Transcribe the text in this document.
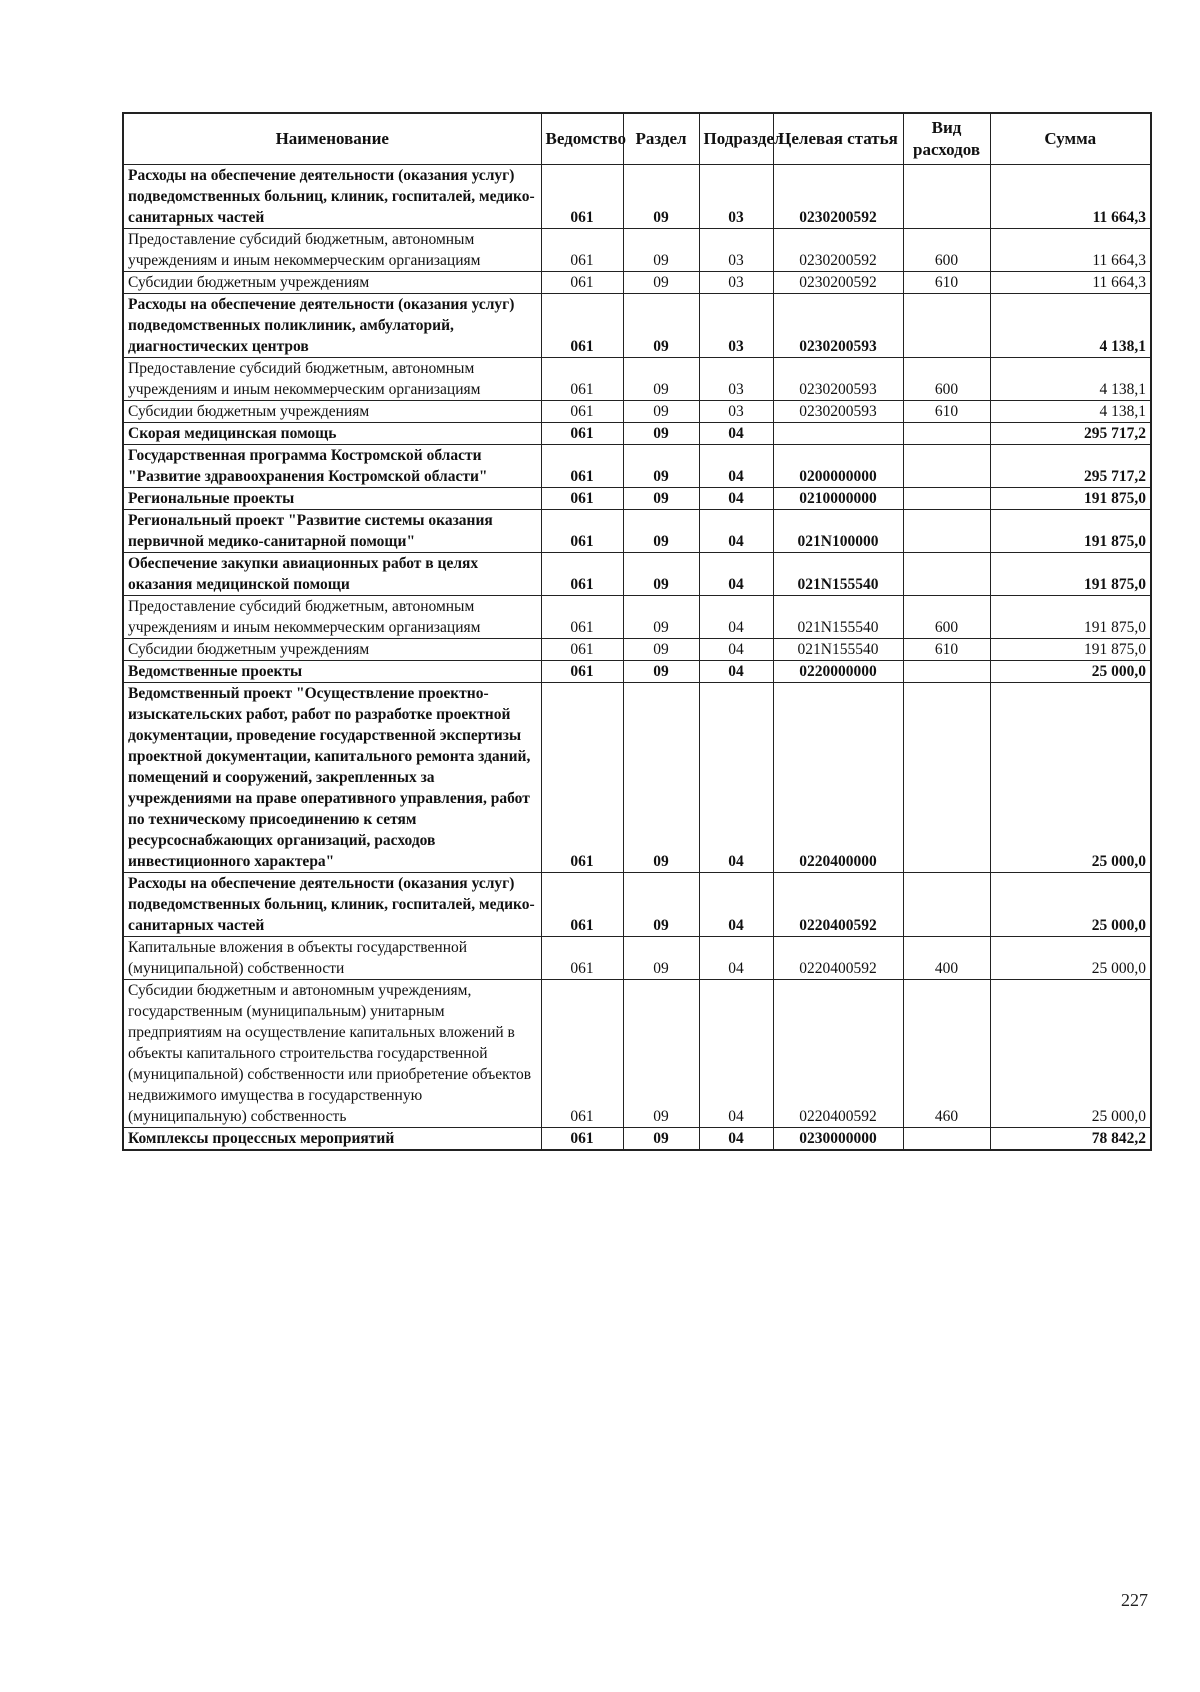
Наименование	Ведомство	Раздел	Подраздел	Целевая статья	Вид расходов	Сумма
Расходы на обеспечение деятельности (оказания услуг) подведомственных больниц, клиник, госпиталей, медико-санитарных частей	061	09	03	0230200592		11 664,3
Предоставление субсидий бюджетным, автономным учреждениям и иным некоммерческим организациям	061	09	03	0230200592	600	11 664,3
Субсидии бюджетным учреждениям	061	09	03	0230200592	610	11 664,3
Расходы на обеспечение деятельности (оказания услуг) подведомственных поликлиник, амбулаторий, диагностических центров	061	09	03	0230200593		4 138,1
Предоставление субсидий бюджетным, автономным учреждениям и иным некоммерческим организациям	061	09	03	0230200593	600	4 138,1
Субсидии бюджетным учреждениям	061	09	03	0230200593	610	4 138,1
Скорая медицинская помощь	061	09	04			295 717,2
Государственная программа Костромской области "Развитие здравоохранения Костромской области"	061	09	04	0200000000		295 717,2
Региональные проекты	061	09	04	0210000000		191 875,0
Региональный проект "Развитие системы оказания первичной медико-санитарной помощи"	061	09	04	021N100000		191 875,0
Обеспечение закупки авиационных работ в целях оказания медицинской помощи	061	09	04	021N155540		191 875,0
Предоставление субсидий бюджетным, автономным учреждениям и иным некоммерческим организациям	061	09	04	021N155540	600	191 875,0
Субсидии бюджетным учреждениям	061	09	04	021N155540	610	191 875,0
Ведомственные проекты	061	09	04	0220000000		25 000,0
Ведомственный проект "Осуществление проектно-изыскательских работ, работ по разработке проектной документации, проведение государственной экспертизы проектной документации, капитального ремонта зданий, помещений и сооружений, закрепленных за учреждениями на праве оперативного управления, работ по техническому присоединению к сетям ресурсоснабжающих организаций, расходов инвестиционного характера"	061	09	04	0220400000		25 000,0
Расходы на обеспечение деятельности (оказания услуг) подведомственных больниц, клиник, госпиталей, медико-санитарных частей	061	09	04	0220400592		25 000,0
Капитальные вложения в объекты государственной (муниципальной) собственности	061	09	04	0220400592	400	25 000,0
Субсидии бюджетным и автономным учреждениям, государственным (муниципальным) унитарным предприятиям на осуществление капитальных вложений в объекты капитального строительства государственной (муниципальной) собственности или приобретение объектов недвижимого имущества в государственную (муниципальную) собственность	061	09	04	0220400592	460	25 000,0
Комплексы процессных мероприятий	061	09	04	0230000000		78 842,2
227
